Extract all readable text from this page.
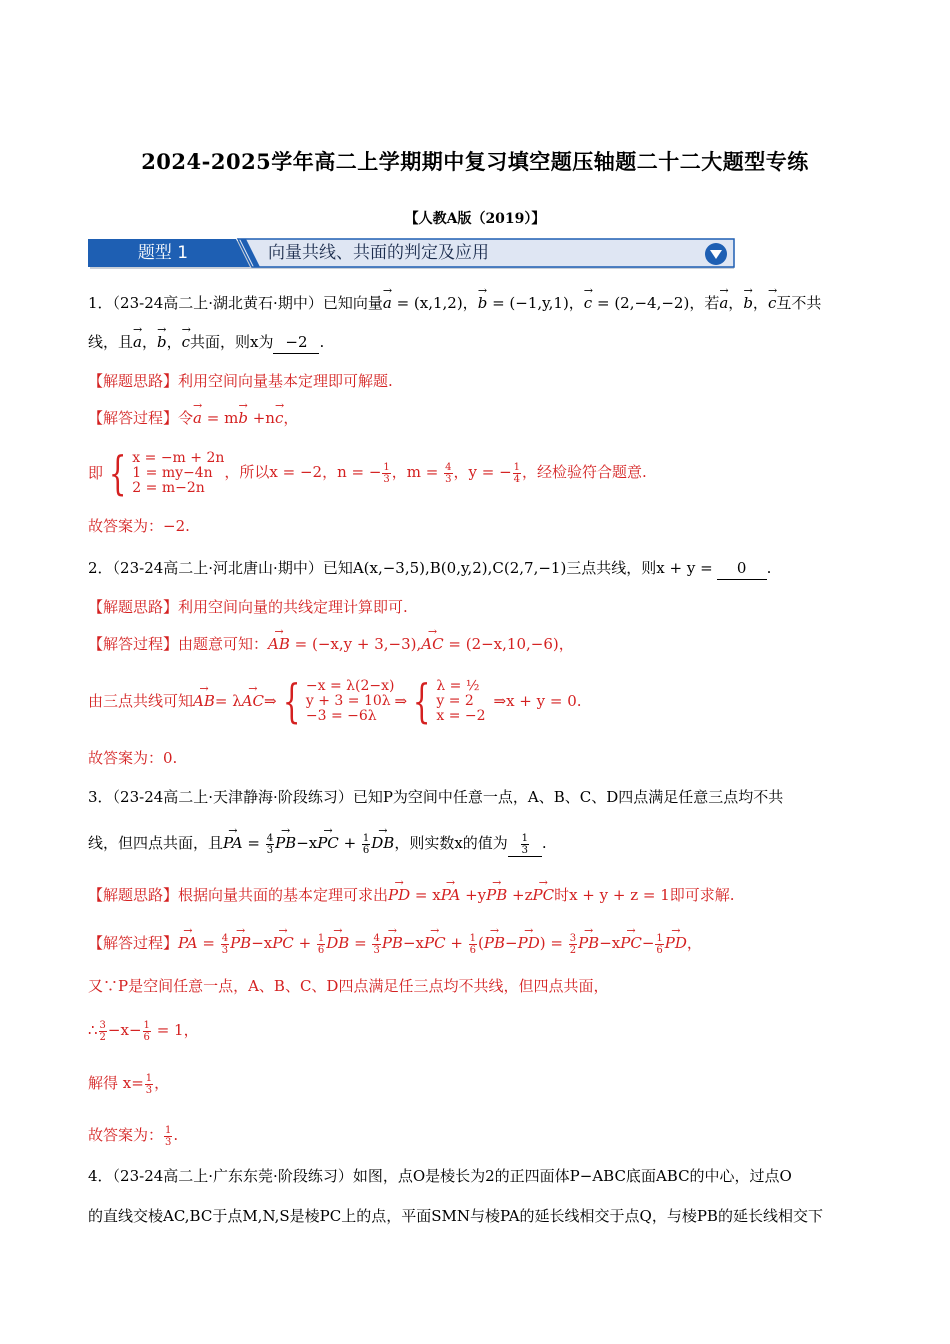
2024-2025学年高二上学期期中复习填空题压轴题二十二大题型专练
【人教A版（2019）】
题型 1	向量共线、共面的判定及应用
1．（23-24高二上·湖北黄石·期中）已知向量→ a = (x,1,2)，→ b = (−1,y,1)，→ c = (2,−4,−2)，若→ a，→ b，→ c互不共
线，且→ a，→ b，→ c共面，则x为 −2 .
【解题思路】利用空间向量基本定理即可解题.
【解答过程】令→ a = m→ b +n→ c，
即 { x = −m + 2n
1 = my−4n
2 = m−2n
，所以x = −2，n = − $\frac{1}{3}$ ，$m = \frac{4}{3}$ ，y = − $\frac{1}{4}$ ，经检验符合题意.
故答案为：−2.
2．（23-24高二上·河北唐山·期中）已知A(x,−3,5),B(0,y,2),C(2,7,−1)三点共线，则x + y = 0 .
【解题思路】利用空间向量的共线定理计算即可.
【解答过程】由题意可知：→ AB = (−x,y + 3,−3),→ AC = (2−x,10,−6)，
由三点共线可知
→ AB = λ
→ AC ⇒ { −x = λ(2−x)
y + 3 = 10λ
−3 = −6λ
⇒ { λ = ½
y = 2
x = −2
⇒x + y = 0.
故答案为：0.
3．（23-24高二上·天津静海·阶段练习）已知P为空间中任意一点，A、B、C、D四点满足任意三点均不共
线，但四点共面，且→ PA = $\frac{4}{3}$
→ PB−x→ PC + $\frac{1}{6}$
→ DB，则实数x的值为 $\frac{1}{3}$ .
【解题思路】根据向量共面的基本定理可求出→ PD = x→ PA +y→ PB +z→ PC时x + y + z = 1即可求解.
【解答过程】→ PA = $\frac{4}{3}$
→ PB−x→ PC + $\frac{1}{6}$
→ DB = $\frac{4}{3}$
→ PB−x→ PC + $\frac{1}{6}$ (→ $PB-\to PD) = \frac{3}{2}$
→ $PB-x\to PC- \frac{1}{6}$
→ PD，
又∵P是空间任意一点，A、B、C、D四点满足任三点均不共线，但四点共面，
∴ $\frac{3}{2} -x- \frac{1}{6} = 1$，
解得 $x= \frac{1}{3}$ ，
故答案为： $\frac{1}{3}$ .
4．（23-24高二上·广东东莞·阶段练习）如图，点O是棱长为2的正四面体P−ABC底面ABC的中心，过点O
的直线交棱AC,BC于点M,N,S是棱PC上的点，平面SMN与棱PA的延长线相交于点Q，与棱PB的延长线相交下
